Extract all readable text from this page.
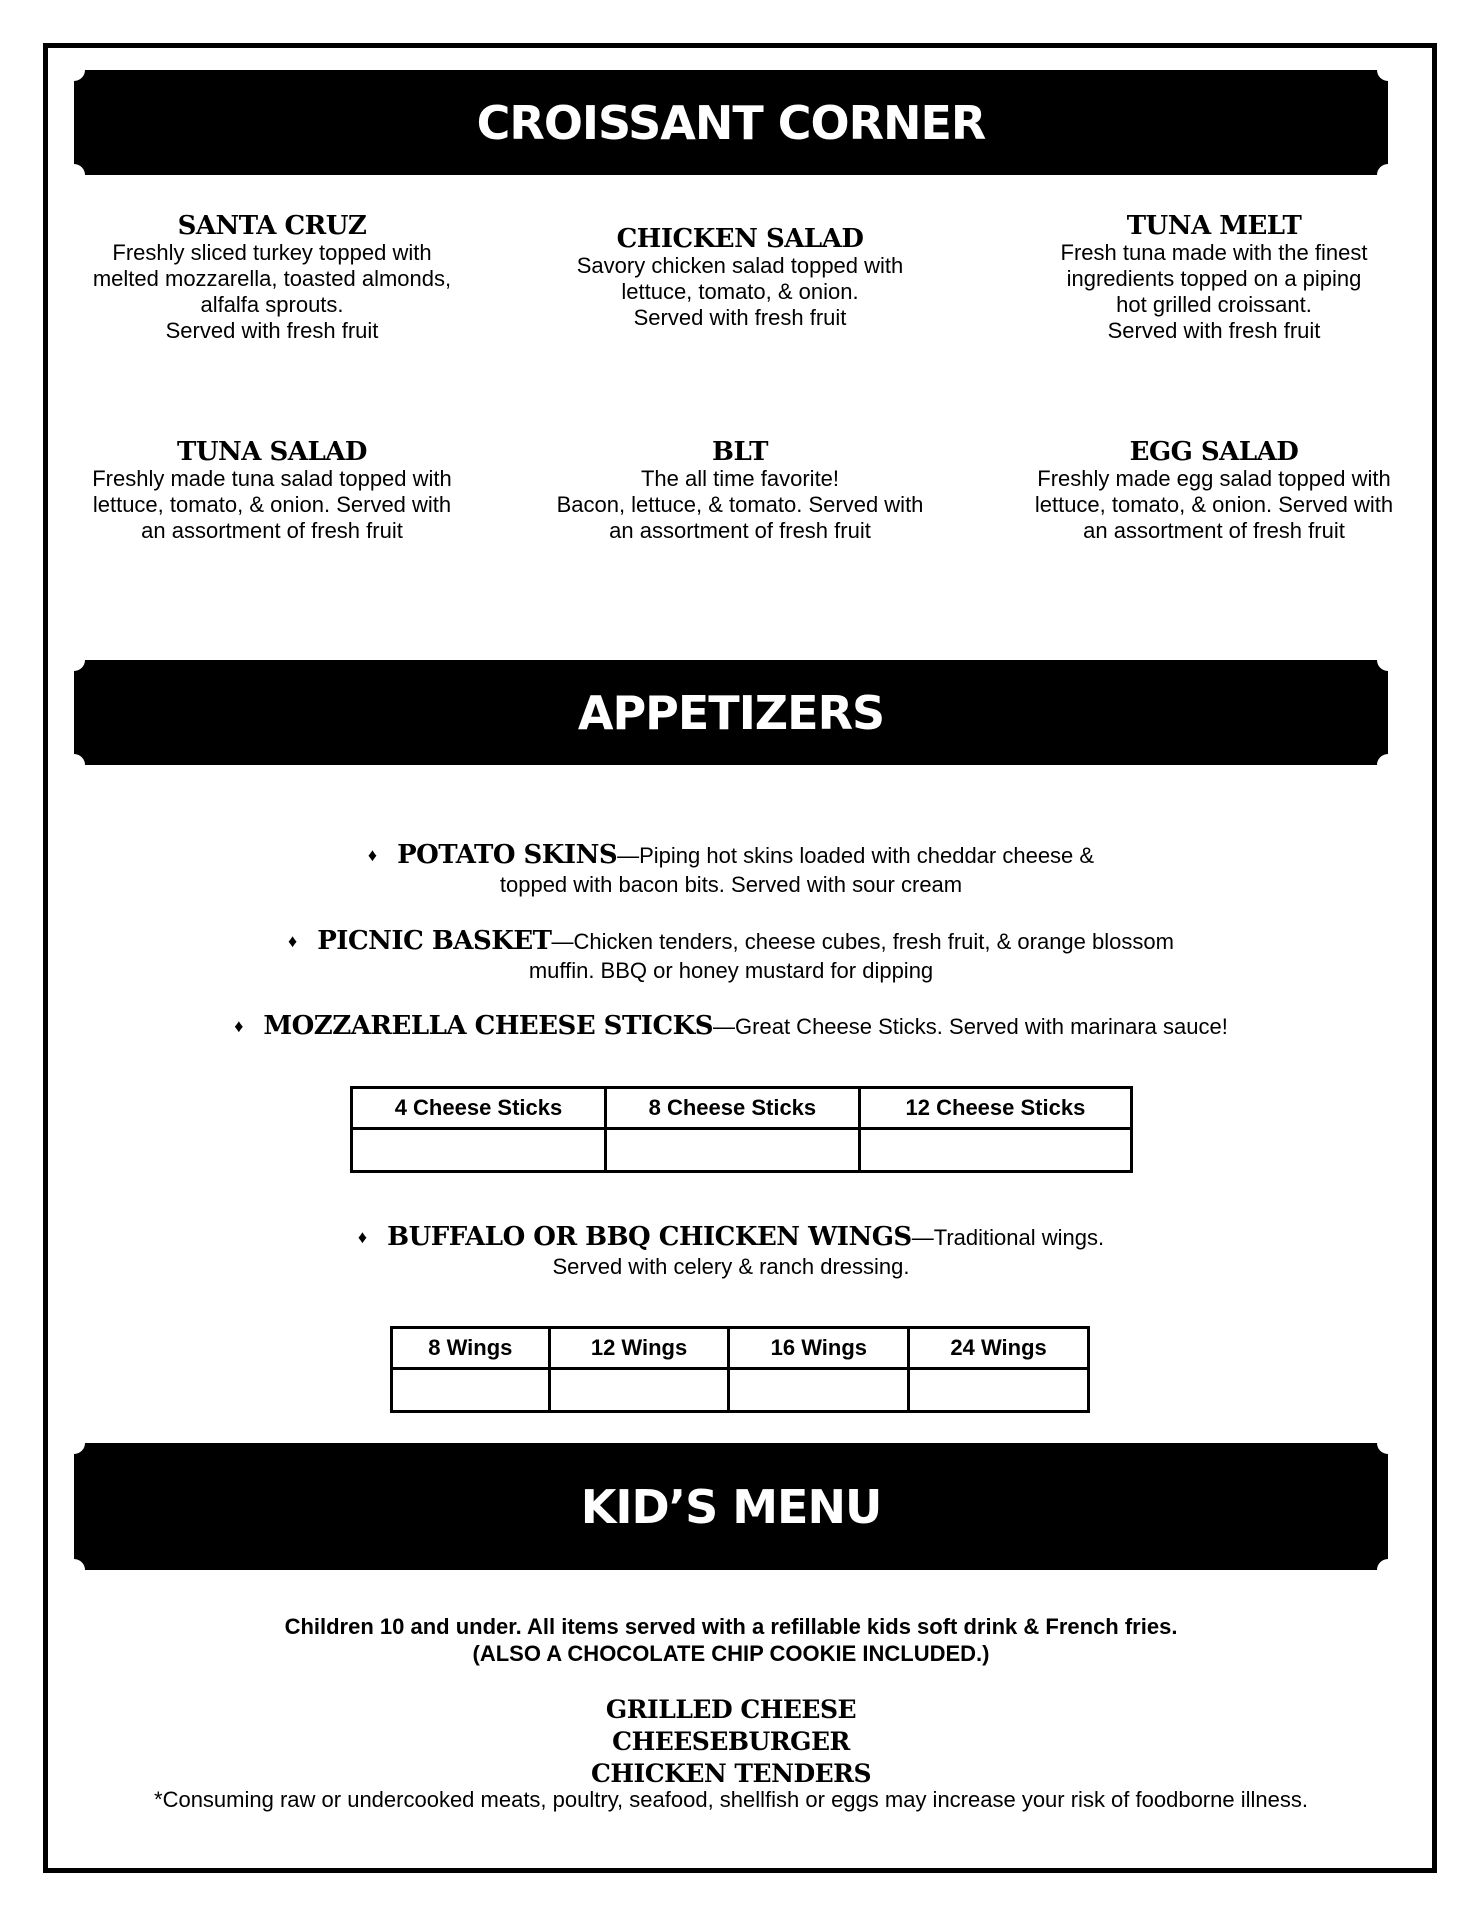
CROISSANT CORNER
SANTA CRUZ
Freshly sliced turkey topped with
melted mozzarella, toasted almonds,
alfalfa sprouts.
Served with fresh fruit
CHICKEN SALAD
Savory chicken salad topped with
lettuce, tomato, & onion.
Served with fresh fruit
TUNA MELT
Fresh tuna made with the finest
ingredients topped on a piping
hot grilled croissant.
Served with fresh fruit
TUNA SALAD
Freshly made tuna salad topped with
lettuce, tomato, & onion. Served with
an assortment of fresh fruit
BLT
The all time favorite!
Bacon, lettuce, & tomato. Served with
an assortment of fresh fruit
EGG SALAD
Freshly made egg salad topped with
lettuce, tomato, & onion. Served with
an assortment of fresh fruit
APPETIZERS
♦ POTATO SKINS—Piping hot skins loaded with cheddar cheese &
topped with bacon bits. Served with sour cream
♦ PICNIC BASKET—Chicken tenders, cheese cubes, fresh fruit, & orange blossom
muffin. BBQ or honey mustard for dipping
♦ MOZZARELLA CHEESE STICKS—Great Cheese Sticks. Served with marinara sauce!
4 Cheese Sticks	8 Cheese Sticks	12 Cheese Sticks

♦ BUFFALO OR BBQ CHICKEN WINGS—Traditional wings.
Served with celery & ranch dressing.
8 Wings	12 Wings	16 Wings	24 Wings

KID’S MENU
Children 10 and under. All items served with a refillable kids soft drink & French fries.
(ALSO A CHOCOLATE CHIP COOKIE INCLUDED.)
GRILLED CHEESE
CHEESEBURGER
CHICKEN TENDERS
*Consuming raw or undercooked meats, poultry, seafood, shellfish or eggs may increase your risk of foodborne illness.
